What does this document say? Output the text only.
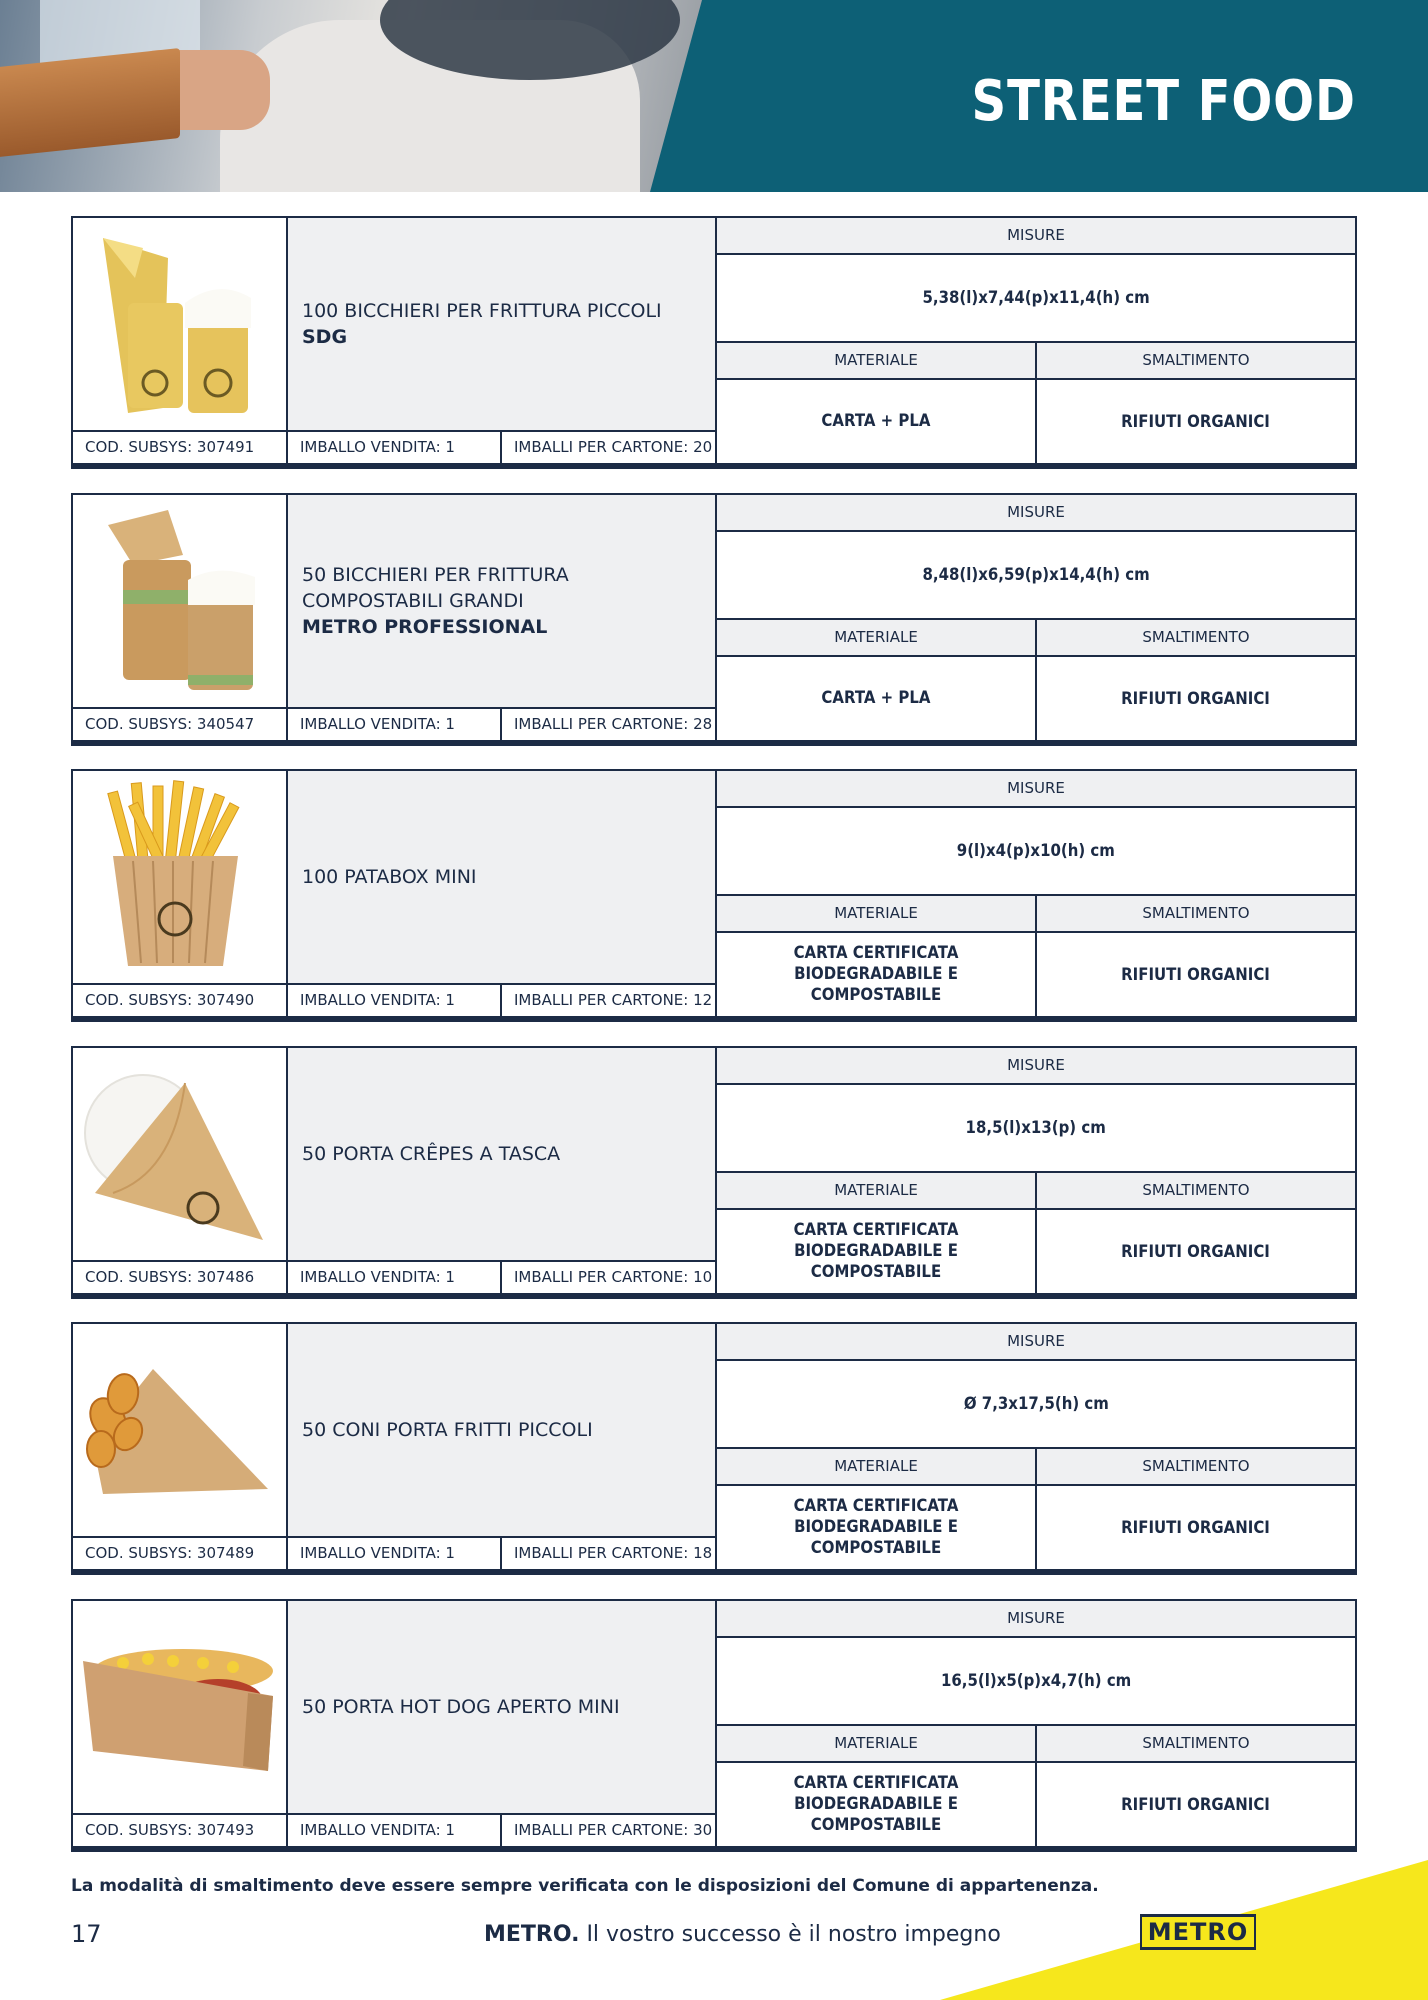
STREET FOOD
100 BICCHIERI PER FRITTURA PICCOLI
SDG
COD. SUBSYS: 307491	IMBALLO VENDITA: 1	IMBALLI PER CARTONE: 20
MISURE
5,38(l)x7,44(p)x11,4(h) cm
MATERIALE	SMALTIMENTO
CARTA + PLA	RIFIUTI ORGANICI
50 BICCHIERI PER FRITTURA COMPOSTABILI GRANDI
METRO PROFESSIONAL
COD. SUBSYS: 340547	IMBALLO VENDITA: 1	IMBALLI PER CARTONE: 28
MISURE
8,48(l)x6,59(p)x14,4(h) cm
MATERIALE	SMALTIMENTO
CARTA + PLA	RIFIUTI ORGANICI
100 PATABOX MINI
COD. SUBSYS: 307490	IMBALLO VENDITA: 1	IMBALLI PER CARTONE: 12
MISURE
9(l)x4(p)x10(h) cm
MATERIALE	SMALTIMENTO
CARTA CERTIFICATA BIODEGRADABILE E COMPOSTABILE
RIFIUTI ORGANICI
50 PORTA CRÊPES A TASCA
COD. SUBSYS: 307486	IMBALLO VENDITA: 1	IMBALLI PER CARTONE: 10
MISURE
18,5(l)x13(p) cm
MATERIALE	SMALTIMENTO
CARTA CERTIFICATA BIODEGRADABILE E COMPOSTABILE
RIFIUTI ORGANICI
50 CONI PORTA FRITTI PICCOLI
COD. SUBSYS: 307489	IMBALLO VENDITA: 1	IMBALLI PER CARTONE: 18
MISURE
Ø 7,3x17,5(h) cm
MATERIALE	SMALTIMENTO
CARTA CERTIFICATA BIODEGRADABILE E COMPOSTABILE
RIFIUTI ORGANICI
50 PORTA HOT DOG APERTO MINI
COD. SUBSYS: 307493	IMBALLO VENDITA: 1	IMBALLI PER CARTONE: 30
MISURE
16,5(l)x5(p)x4,7(h) cm
MATERIALE	SMALTIMENTO
CARTA CERTIFICATA BIODEGRADABILE E COMPOSTABILE
RIFIUTI ORGANICI
La modalità di smaltimento deve essere sempre verificata con le disposizioni del Comune di appartenenza.
17	METRO. Il vostro successo è il nostro impegno	METRO
